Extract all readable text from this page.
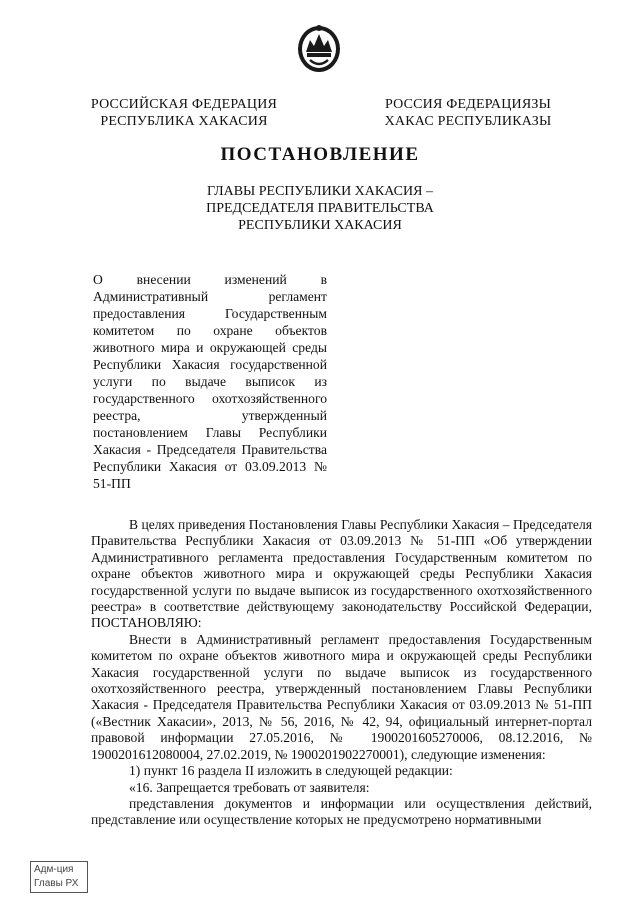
РОССИЙСКАЯ ФЕДЕРАЦИЯ
РЕСПУБЛИКА ХАКАСИЯ
РОССИЯ ФЕДЕРАЦИЯЗЫ
ХАКАС РЕСПУБЛИКАЗЫ
ПОСТАНОВЛЕНИЕ
ГЛАВЫ РЕСПУБЛИКИ ХАКАСИЯ –
ПРЕДСЕДАТЕЛЯ ПРАВИТЕЛЬСТВА
РЕСПУБЛИКИ ХАКАСИЯ
О внесении изменений в Административный регламент предоставления Государственным комитетом по охране объектов животного мира и окружающей среды Республики Хакасия государственной услуги по выдаче выписок из государственного охотхозяйственного реестра, утвержденный постановлением Главы Республики Хакасия - Председателя Правительства Республики Хакасия от 03.09.2013 № 51-ПП

В целях приведения Постановления Главы Республики Хакасия – Председателя Правительства Республики Хакасия от 03.09.2013 № 51-ПП «Об утверждении Административного регламента предоставления Государственным комитетом по охране объектов животного мира и окружающей среды Республики Хакасия государственной услуги по выдаче выписок из государственного охотхозяйственного реестра» в соответствие действующему законодательству Российской Федерации, ПОСТАНОВЛЯЮ:

Внести в Административный регламент предоставления Государственным комитетом по охране объектов животного мира и окружающей среды Республики Хакасия государственной услуги по выдаче выписок из государственного охотхозяйственного реестра, утвержденный постановлением Главы Республики Хакасия - Председателя Правительства Республики Хакасия от 03.09.2013 № 51-ПП («Вестник Хакасии», 2013, № 56, 2016, № 42, 94, официальный интернет-портал правовой информации 27.05.2016, № 1900201605270006, 08.12.2016, № 1900201612080004, 27.02.2019, № 1900201902270001), следующие изменения:

1) пункт 16 раздела II изложить в следующей редакции:

«16. Запрещается требовать от заявителя:

представления документов и информации или осуществления действий, представление или осуществление которых не предусмотрено нормативными

Адм-ция
Главы РХ
